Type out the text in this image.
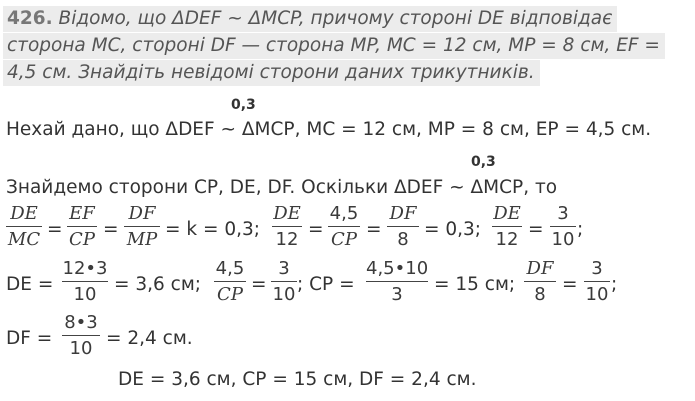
426. Відомо, що ΔDEF ~ ΔMCP, причому стороні DE відповідає
сторона MC, стороні DF — сторона MP, MC = 12 см, MP = 8 см, EF =
4,5 см. Знайдіть невідомі сторони даних трикутників.
0,3
Нехай дано, що ΔDEF ~ ΔMCP, MC = 12 см, MP = 8 см, EP = 4,5 см.
0,3
Знайдемо сторони CP, DE, DF. Оскільки ΔDEF ~ ΔMCP, то
DE
MC =
EF
CP =
DF
MP = k = 0,3;
DE
12 =
4,5
CP =
DF
8 = 0,3;
DE
12 =
3
10 ;
DE =
12•3
10 = 3,6 см;
4,5
CP =
3
10 ; CP =
4,5•10
3	= 15 см;
DF
8 =
3
10 ;
DF =
8•3
10 = 2,4 см.
DE = 3,6 см, CP = 15 см, DF = 2,4 см.
